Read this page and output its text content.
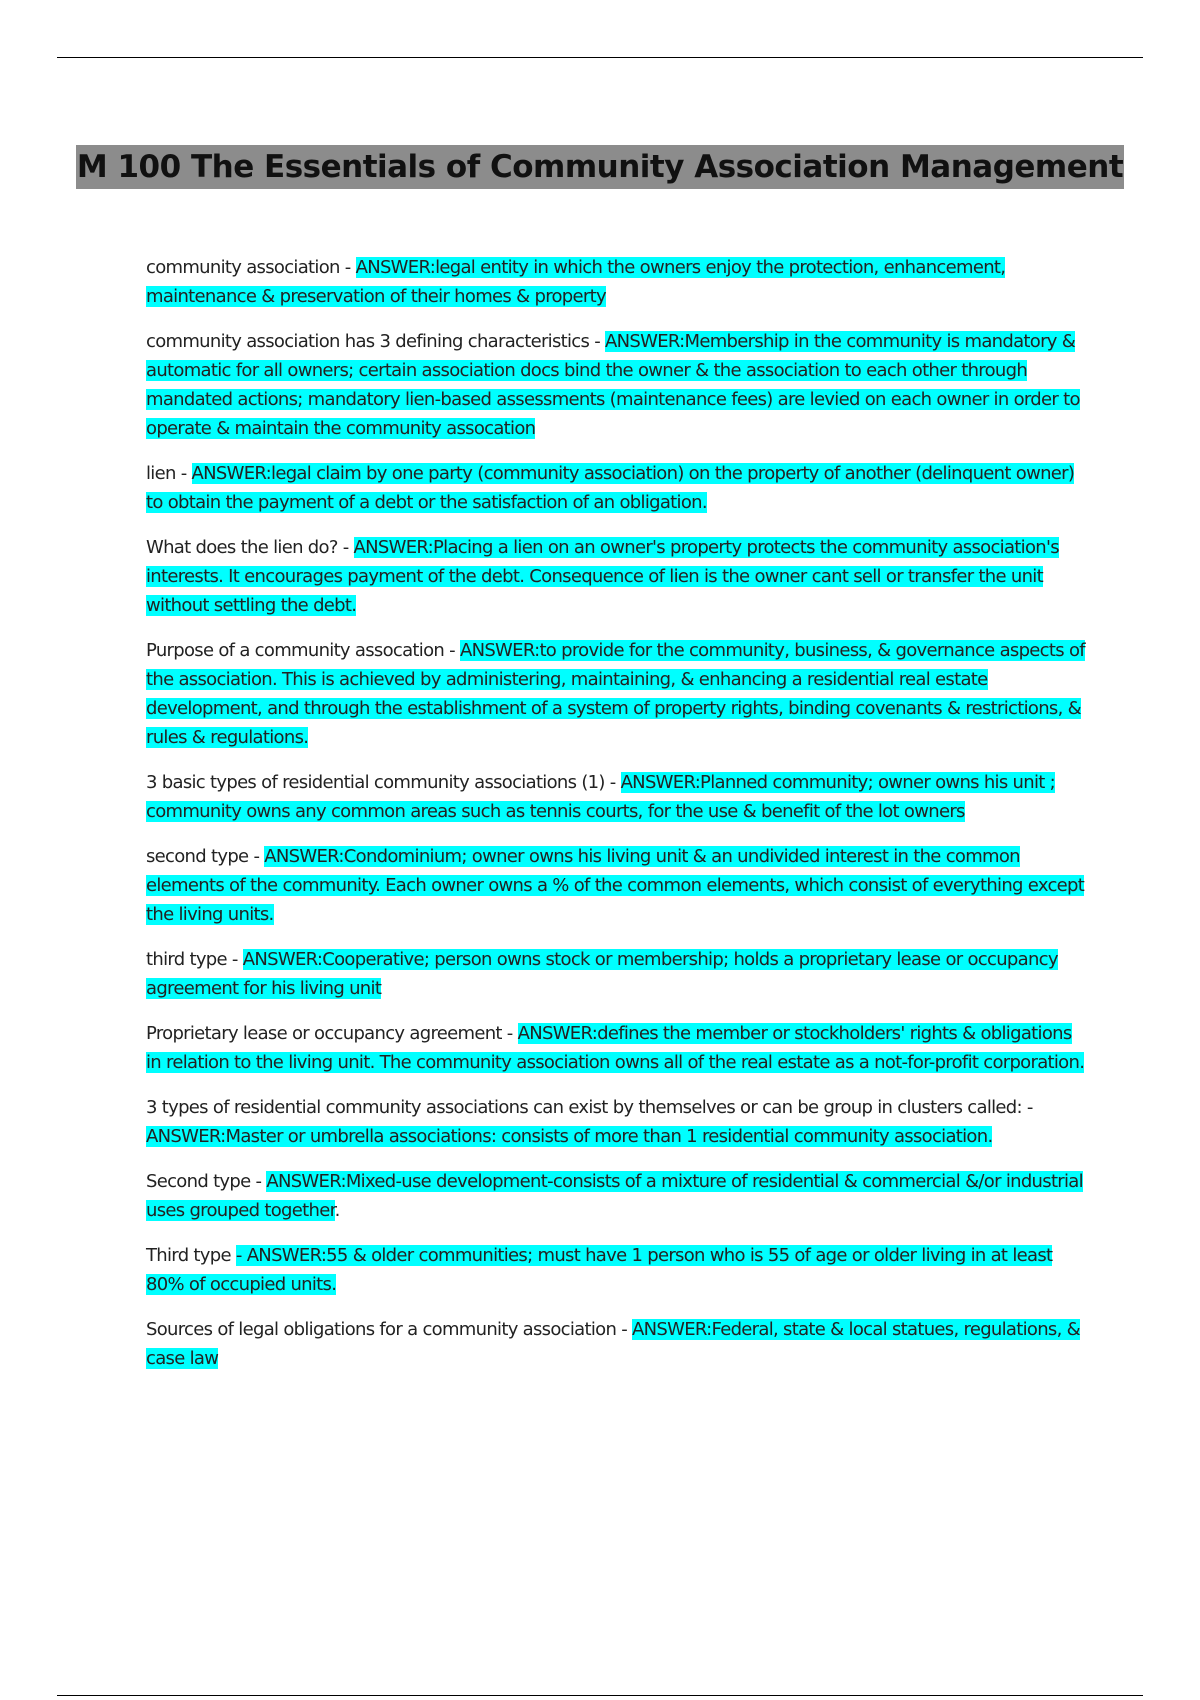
M 100 The Essentials of Community Association Management

community association - ANSWER:legal entity in which the owners enjoy the protection, enhancement, maintenance & preservation of their homes & property

community association has 3 defining characteristics - ANSWER:Membership in the community is mandatory & automatic for all owners; certain association docs bind the owner & the association to each other through mandated actions; mandatory lien-based assessments (maintenance fees) are levied on each owner in order to operate & maintain the community assocation

lien - ANSWER:legal claim by one party (community association) on the property of another (delinquent owner) to obtain the payment of a debt or the satisfaction of an obligation.

What does the lien do? - ANSWER:Placing a lien on an owner's property protects the community association's interests. It encourages payment of the debt. Consequence of lien is the owner cant sell or transfer the unit without settling the debt.

Purpose of a community assocation - ANSWER:to provide for the community, business, & governance aspects of the association. This is achieved by administering, maintaining, & enhancing a residential real estate development, and through the establishment of a system of property rights, binding covenants & restrictions, & rules & regulations.

3 basic types of residential community associations (1) - ANSWER:Planned community; owner owns his unit ; community owns any common areas such as tennis courts, for the use & benefit of the lot owners

second type - ANSWER:Condominium; owner owns his living unit & an undivided interest in the common elements of the community. Each owner owns a % of the common elements, which consist of everything except the living units.

third type - ANSWER:Cooperative; person owns stock or membership; holds a proprietary lease or occupancy agreement for his living unit

Proprietary lease or occupancy agreement - ANSWER:defines the member or stockholders' rights & obligations in relation to the living unit. The community association owns all of the real estate as a not-for-profit corporation.

3 types of residential community associations can exist by themselves or can be group in clusters called: - ANSWER:Master or umbrella associations: consists of more than 1 residential community association.

Second type - ANSWER:Mixed-use development-consists of a mixture of residential & commercial &/or industrial uses grouped together.

Third type - ANSWER:55 & older communities; must have 1 person who is 55 of age or older living in at least 80% of occupied units.

Sources of legal obligations for a community association - ANSWER:Federal, state & local statues, regulations, & case law
